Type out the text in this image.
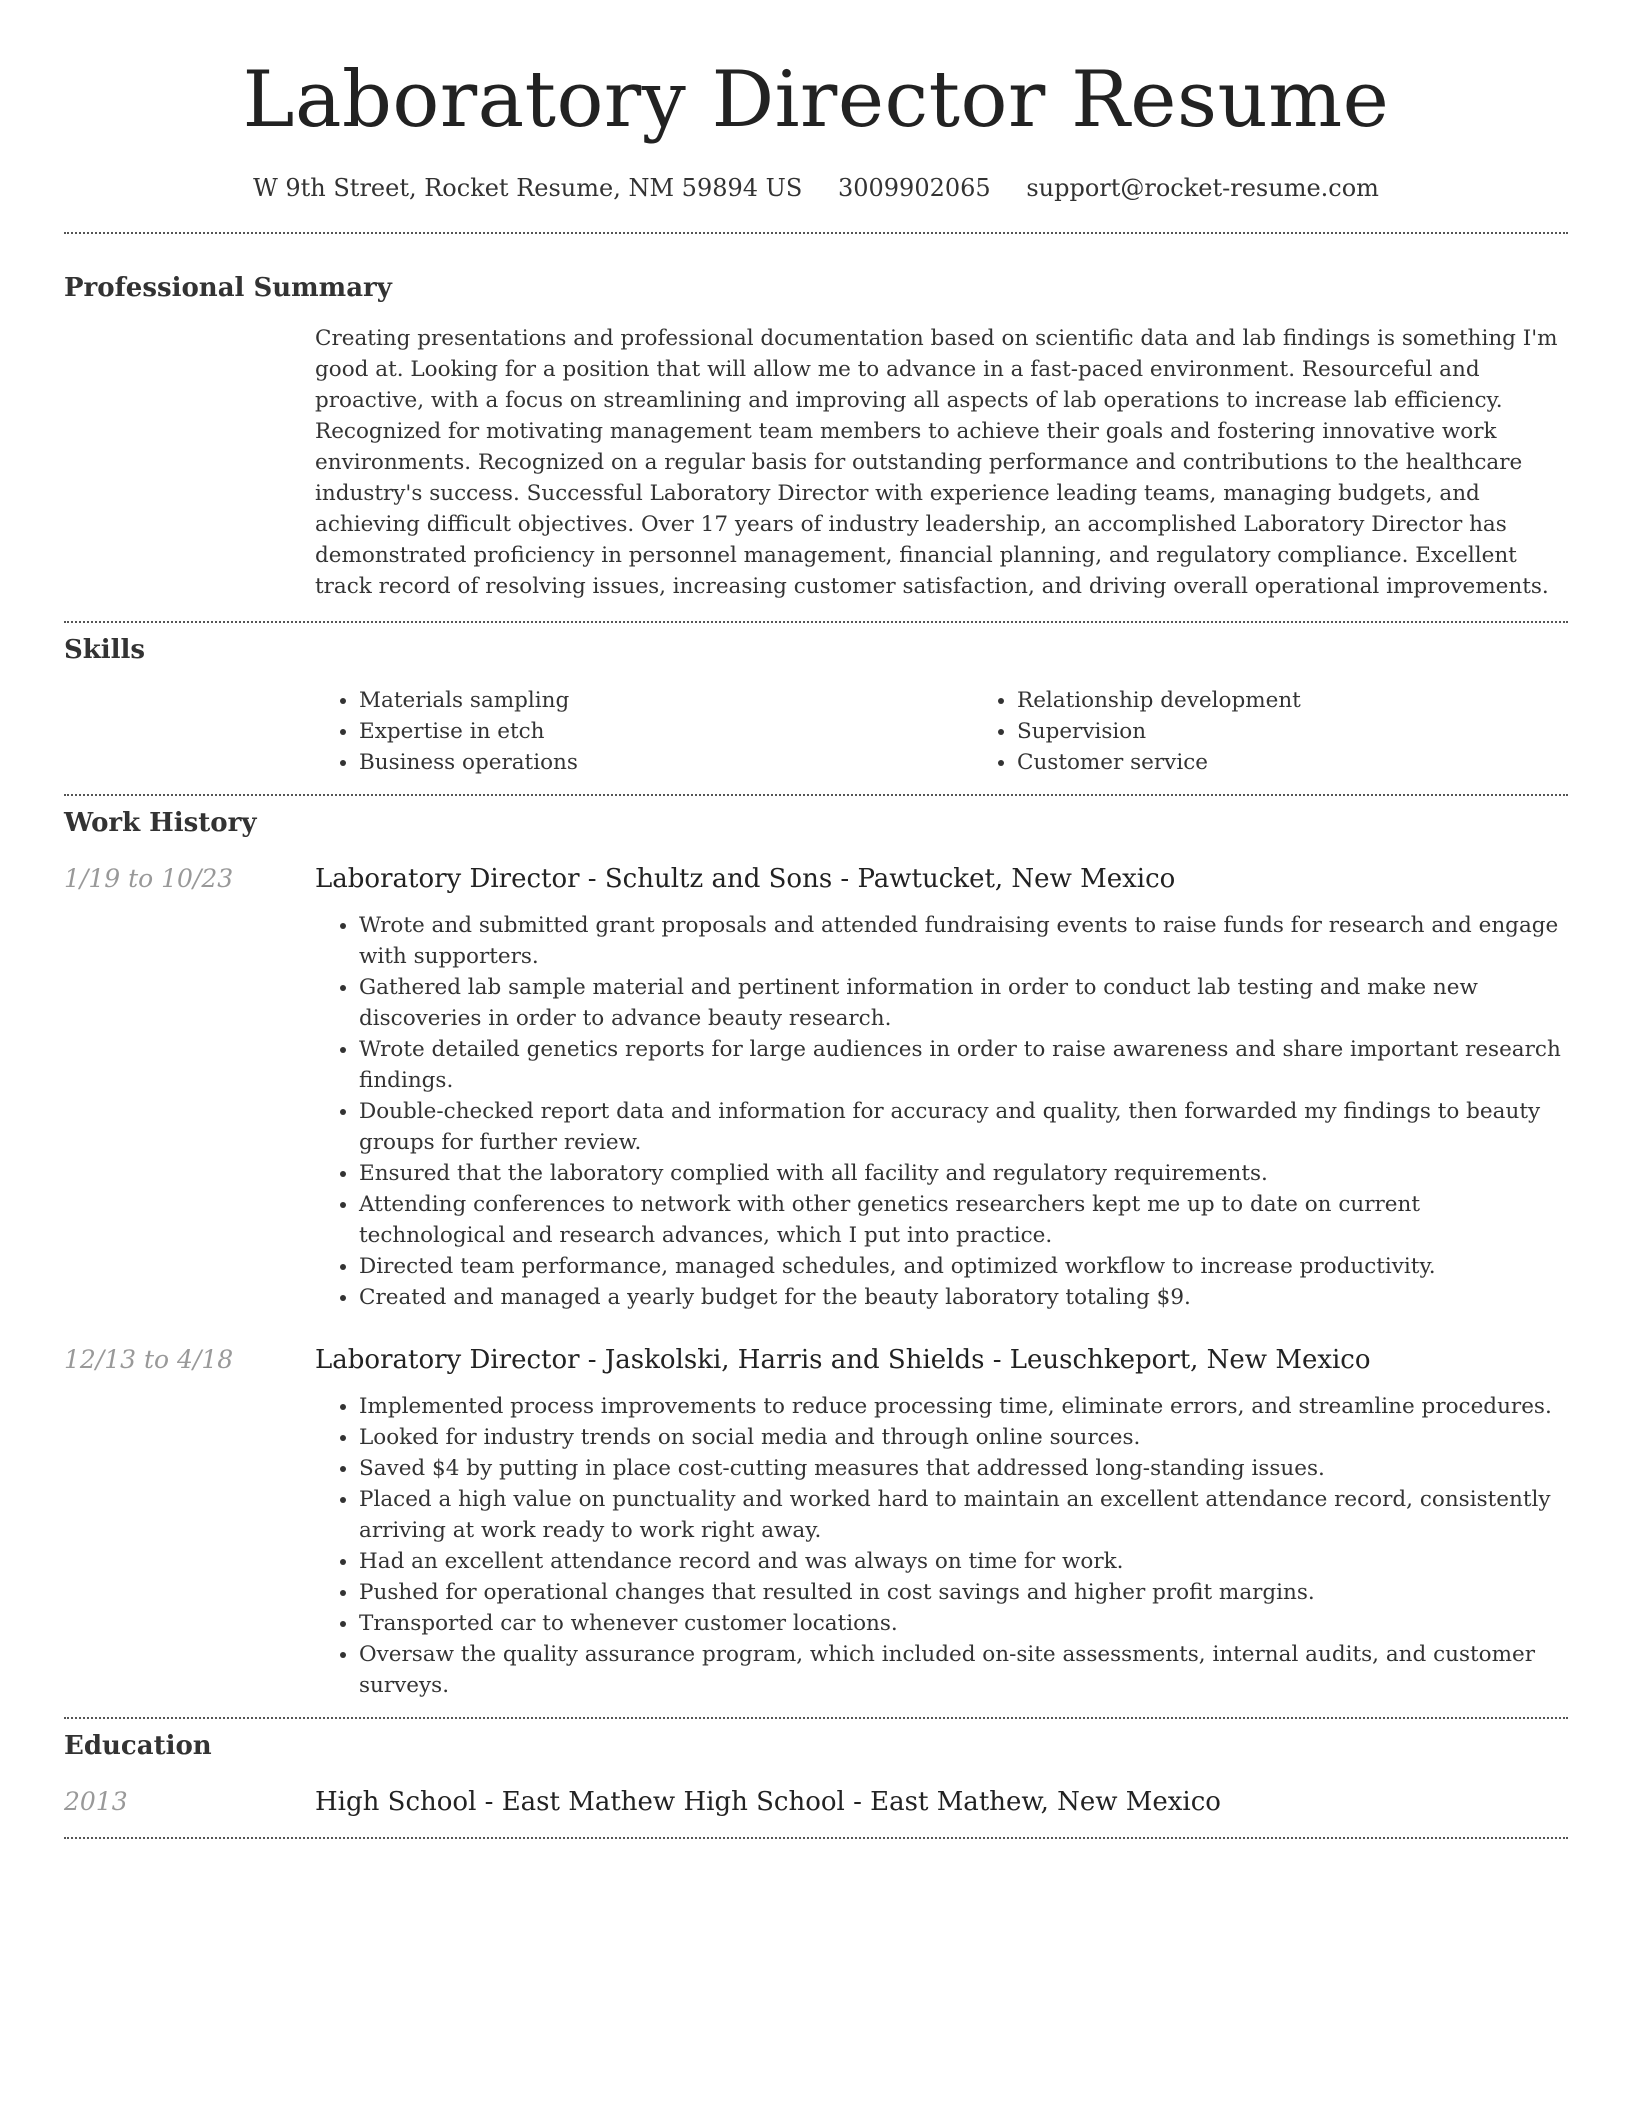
Laboratory Director Resume
W 9th Street, Rocket Resume, NM 59894 US 3009902065 support@rocket-resume.com
Professional Summary

Creating presentations and professional documentation based on scientific data and lab findings is something I'm good at. Looking for a position that will allow me to advance in a fast-paced environment. Resourceful and proactive, with a focus on streamlining and improving all aspects of lab operations to increase lab efficiency. Recognized for motivating management team members to achieve their goals and fostering innovative work environments. Recognized on a regular basis for outstanding performance and contributions to the healthcare industry's success. Successful Laboratory Director with experience leading teams, managing budgets, and achieving difficult objectives. Over 17 years of industry leadership, an accomplished Laboratory Director has demonstrated proficiency in personnel management, financial planning, and regulatory compliance. Excellent track record of resolving issues, increasing customer satisfaction, and driving overall operational improvements.

Skills
• Materials sampling
• Expertise in etch
• Business operations
• Relationship development
• Supervision
• Customer service
Work History
1/19 to 10/23	Laboratory Director - Schultz and Sons - Pawtucket, New Mexico
• Wrote and submitted grant proposals and attended fundraising events to raise funds for research and engage with supporters.
• Gathered lab sample material and pertinent information in order to conduct lab testing and make new discoveries in order to advance beauty research.
• Wrote detailed genetics reports for large audiences in order to raise awareness and share important research findings.
• Double-checked report data and information for accuracy and quality, then forwarded my findings to beauty groups for further review.
• Ensured that the laboratory complied with all facility and regulatory requirements.
• Attending conferences to network with other genetics researchers kept me up to date on current technological and research advances, which I put into practice.
• Directed team performance, managed schedules, and optimized workflow to increase productivity.
• Created and managed a yearly budget for the beauty laboratory totaling $9.
12/13 to 4/18	Laboratory Director - Jaskolski, Harris and Shields - Leuschkeport, New Mexico
• Implemented process improvements to reduce processing time, eliminate errors, and streamline procedures.
• Looked for industry trends on social media and through online sources.
• Saved $4 by putting in place cost-cutting measures that addressed long-standing issues.
• Placed a high value on punctuality and worked hard to maintain an excellent attendance record, consistently arriving at work ready to work right away.
• Had an excellent attendance record and was always on time for work.
• Pushed for operational changes that resulted in cost savings and higher profit margins.
• Transported car to whenever customer locations.
• Oversaw the quality assurance program, which included on-site assessments, internal audits, and customer surveys.
Education
2013	High School - East Mathew High School - East Mathew, New Mexico
